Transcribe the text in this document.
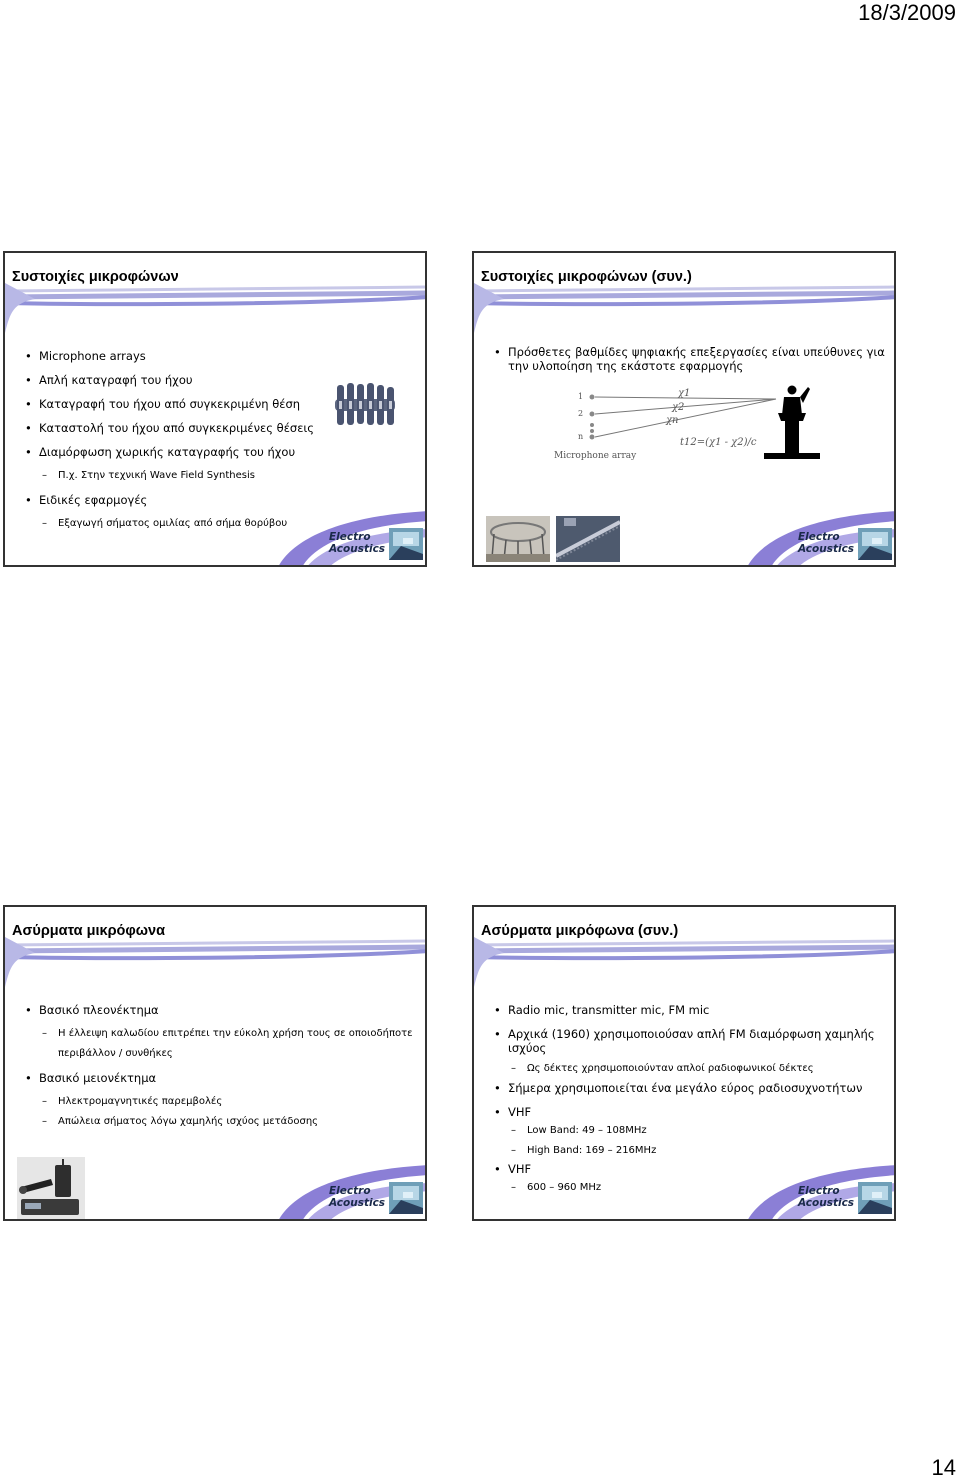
18/3/2009
Συστοιχίες μικροφώνων
• Microphone arrays
• Απλή καταγραφή του ήχου
• Καταγραφή του ήχου από συγκεκριμένη θέση
• Καταστολή του ήχου από συγκεκριμένες θέσεις
• Διαμόρφωση χωρικής καταγραφής του ήχου
– Π.χ. Στην τεχνική Wave Field Synthesis
• Ειδικές εφαρμογές
– Εξαγωγή σήματος ομιλίας από σήμα θορύβου
Electro
Acoustics
Συστοιχίες μικροφώνων (συν.)
• Πρόσθετες βαθμίδες ψηφιακής επεξεργασίες είναι υπεύθυνες για την υλοποίηση της εκάστοτε εφαρμογής
1
2
n
χ1
χ2
χn
t12=(χ1 - χ2)/c
Microphone array
Electro
Acoustics
Ασύρματα μικρόφωνα
• Βασικό πλεονέκτημα
– Η έλλειψη καλωδίου επιτρέπει την εύκολη χρήση τους σε οποιοδήποτε περιβάλλον / συνθήκες
• Βασικό μειονέκτημα
– Ηλεκτρομαγνητικές παρεμβολές
– Απώλεια σήματος λόγω χαμηλής ισχύος μετάδοσης
Electro
Acoustics
Ασύρματα μικρόφωνα (συν.)
• Radio mic, transmitter mic, FM mic
• Αρχικά (1960) χρησιμοποιούσαν απλή FM διαμόρφωση χαμηλής ισχύος
– Ως δέκτες χρησιμοποιούνταν απλοί ραδιοφωνικοί δέκτες
• Σήμερα χρησιμοποιείται ένα μεγάλο εύρος ραδιοσυχνοτήτων
• VHF
– Low Band: 49 – 108MHz
– High Band: 169 – 216MHz
• VHF
– 600 – 960 MHz	Electro
Acoustics
14
